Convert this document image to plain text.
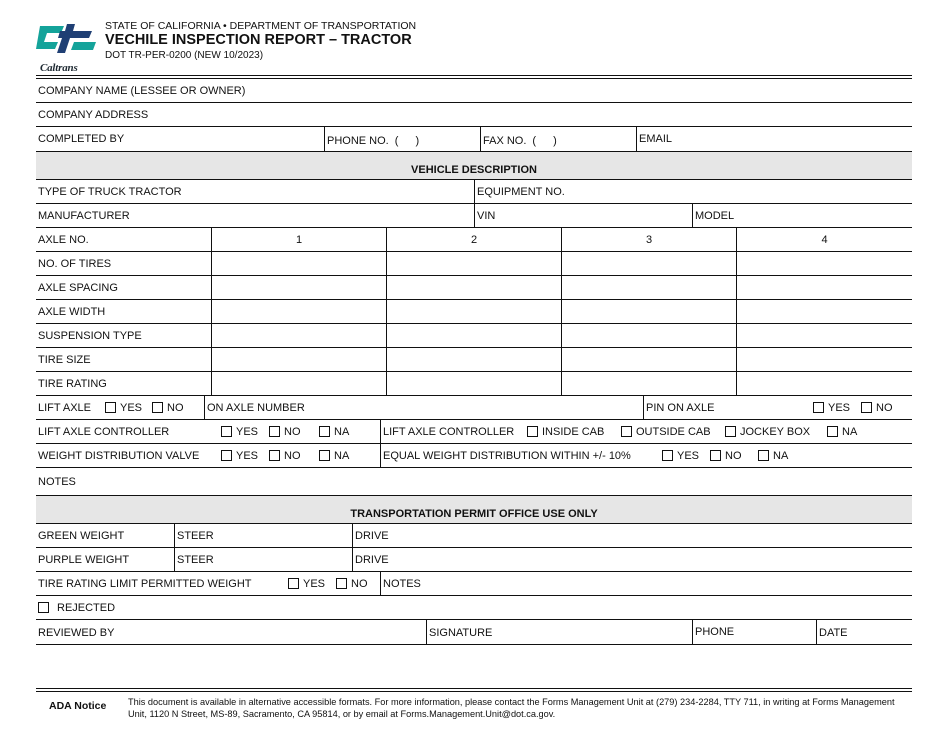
Caltrans
STATE OF CALIFORNIA • DEPARTMENT OF TRANSPORTATION
VECHILE INSPECTION REPORT – TRACTOR
DOT TR-PER-0200 (NEW 10/2023)
COMPANY NAME (LESSEE OR OWNER)
COMPANY ADDRESS
COMPLETED BY	PHONE NO. ( )	FAX NO. ( )	EMAIL
VEHICLE DESCRIPTION
TYPE OF TRUCK TRACTOR	EQUIPMENT NO.
MANUFACTURER	VIN	MODEL
AXLE NO.	1	2	3	4
NO. OF TIRES
AXLE SPACING
AXLE WIDTH
SUSPENSION TYPE
TIRE SIZE
TIRE RATING
LIFT AXLE	YES NO ON AXLE NUMBER	PIN ON AXLE	YES NO
LIFT AXLE CONTROLLER	YES NO	NA	LIFT AXLE CONTROLLER	INSIDE CAB	OUTSIDE CAB	JOCKEY BOX	NA
WEIGHT DISTRIBUTION VALVE	YES NO	NA	EQUAL WEIGHT DISTRIBUTION WITHIN +/- 10%	YES NO	NA
NOTES
TRANSPORTATION PERMIT OFFICE USE ONLY
GREEN WEIGHT	STEER	DRIVE
PURPLE WEIGHT	STEER	DRIVE
TIRE RATING LIMIT PERMITTED WEIGHT	YES NO NOTES
REJECTED
REVIEWED BY	SIGNATURE	PHONE	DATE
ADA Notice This document is available in alternative accessible formats. For more information, please contact the Forms Management Unit at (279) 234-2284, TTY 711, in writing at Forms Management Unit, 1120 N Street, MS-89, Sacramento, CA 95814, or by email at Forms.Management.Unit@dot.ca.gov.
